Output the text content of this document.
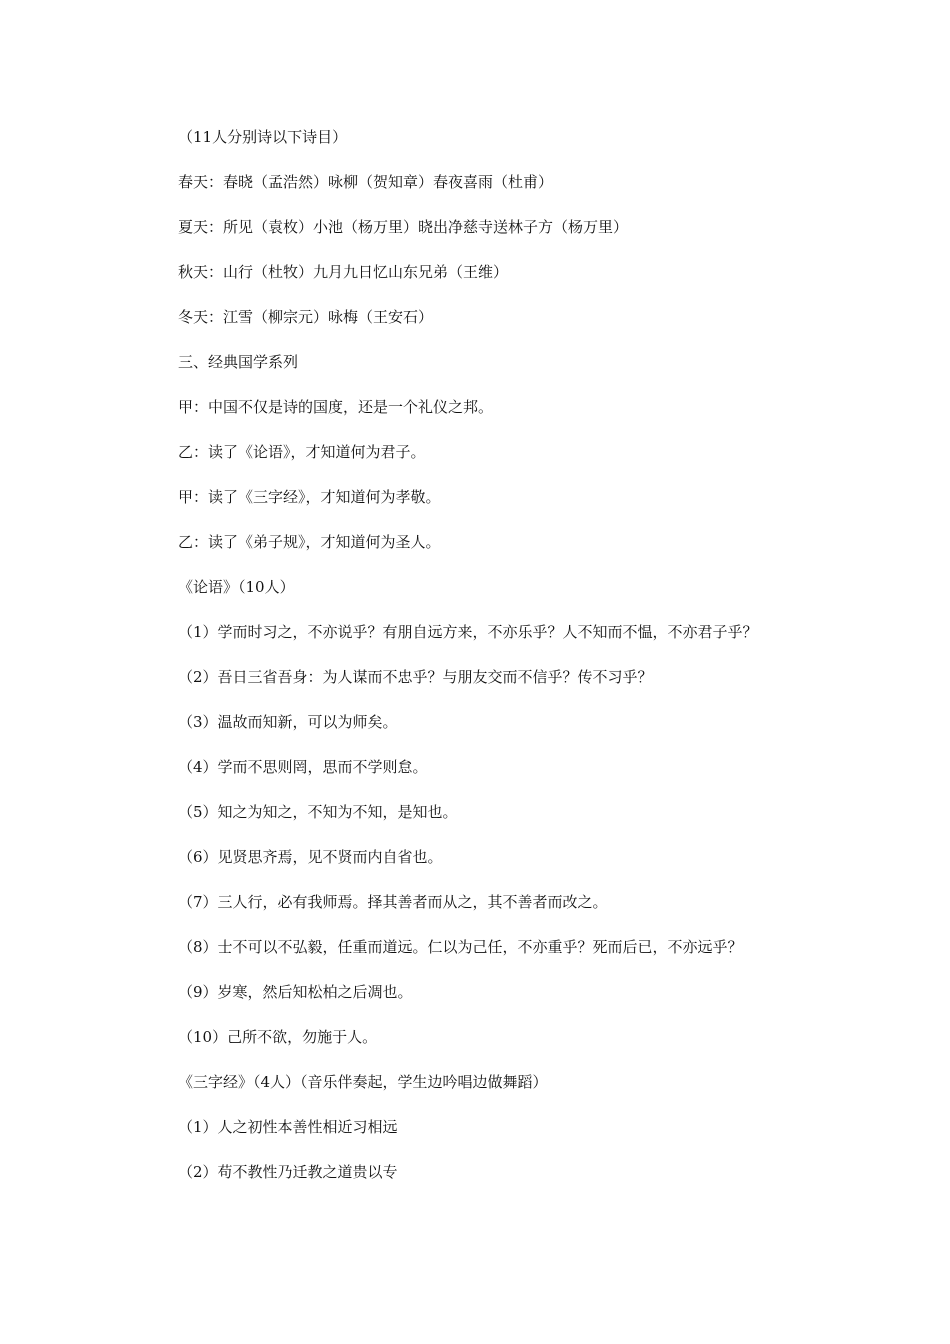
（11人分别诗以下诗目）
春天：春晓（孟浩然）咏柳（贺知章）春夜喜雨（杜甫）
夏天：所见（袁枚）小池（杨万里）晓出净慈寺送林子方（杨万里）
秋天：山行（杜牧）九月九日忆山东兄弟（王维）
冬天：江雪（柳宗元）咏梅（王安石）
三、经典国学系列
甲：中国不仅是诗的国度，还是一个礼仪之邦。
乙：读了《论语》，才知道何为君子。
甲：读了《三字经》，才知道何为孝敬。
乙：读了《弟子规》，才知道何为圣人。
《论语》（10人）
（1）学而时习之，不亦说乎？有朋自远方来，不亦乐乎？人不知而不愠，不亦君子乎？
（2）吾日三省吾身：为人谋而不忠乎？与朋友交而不信乎？传不习乎？
（3）温故而知新，可以为师矣。
（4）学而不思则罔，思而不学则怠。
（5）知之为知之，不知为不知，是知也。
（6）见贤思齐焉，见不贤而内自省也。
（7）三人行，必有我师焉。择其善者而从之，其不善者而改之。
（8）士不可以不弘毅，任重而道远。仁以为己任，不亦重乎？死而后已，不亦远乎？
（9）岁寒，然后知松柏之后凋也。
（10）己所不欲，勿施于人。
《三字经》（4人）（音乐伴奏起，学生边吟唱边做舞蹈）
（1）人之初性本善性相近习相远
（2）苟不教性乃迁教之道贵以专
